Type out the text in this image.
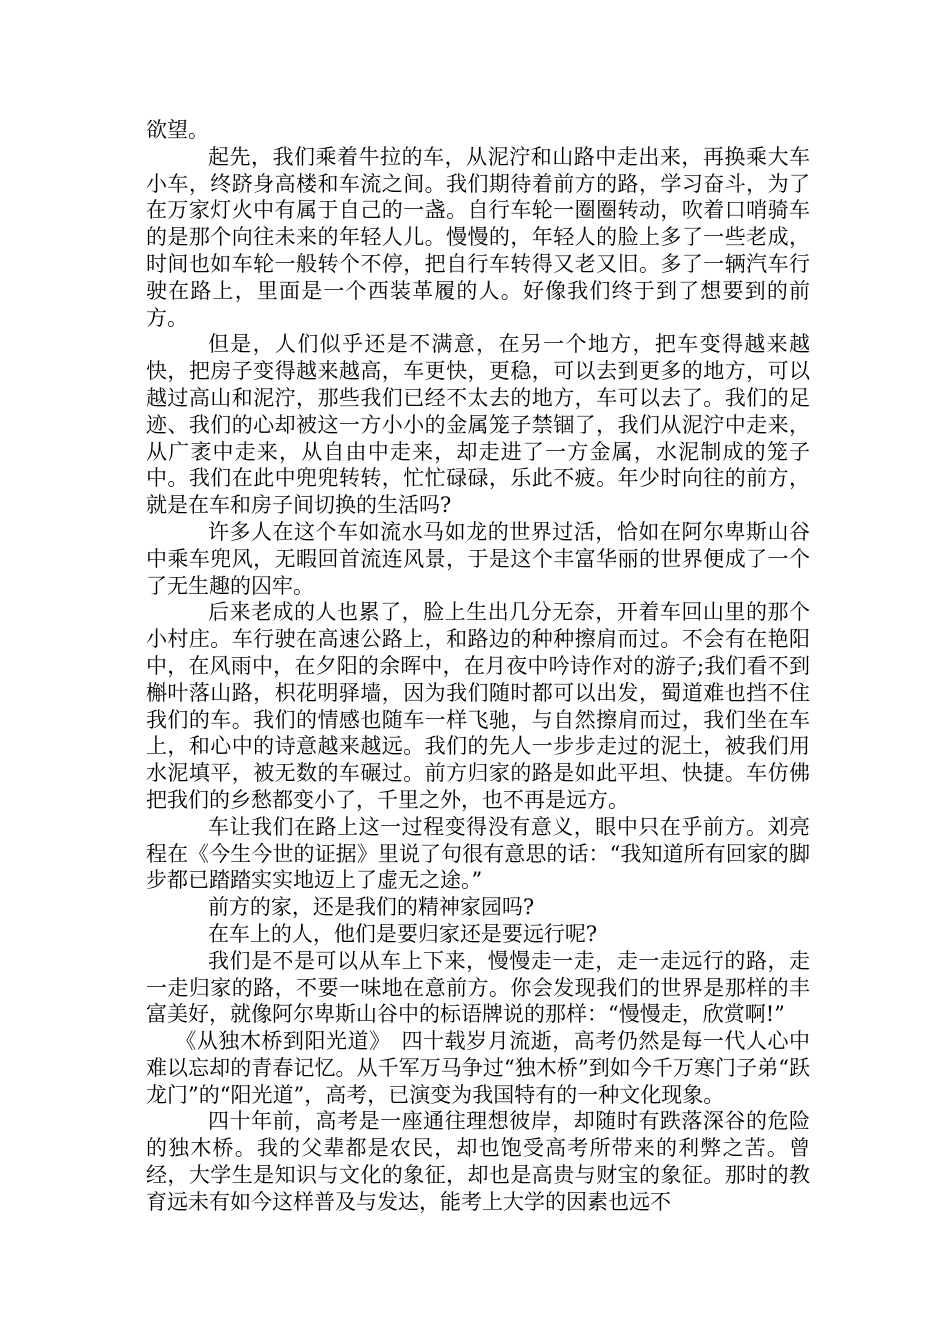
欲望。

起先，我们乘着牛拉的车，从泥泞和山路中走出来，再换乘大车小车，终跻身高楼和车流之间。我们期待着前方的路，学习奋斗，为了在万家灯火中有属于自己的一盏。自行车轮一圈圈转动，吹着口哨骑车的是那个向往未来的年轻人儿。慢慢的，年轻人的脸上多了一些老成，时间也如车轮一般转个不停，把自行车转得又老又旧。多了一辆汽车行驶在路上，里面是一个西装革履的人。好像我们终于到了想要到的前方。

但是，人们似乎还是不满意，在另一个地方，把车变得越来越快，把房子变得越来越高，车更快，更稳，可以去到更多的地方，可以越过高山和泥泞，那些我们已经不太去的地方，车可以去了。我们的足迹、我们的心却被这一方小小的金属笼子禁锢了，我们从泥泞中走来，从广袤中走来，从自由中走来，却走进了一方金属，水泥制成的笼子中。我们在此中兜兜转转，忙忙碌碌，乐此不疲。年少时向往的前方，就是在车和房子间切换的生活吗?

许多人在这个车如流水马如龙的世界过活，恰如在阿尔卑斯山谷中乘车兜风，无暇回首流连风景，于是这个丰富华丽的世界便成了一个了无生趣的囚牢。

后来老成的人也累了，脸上生出几分无奈，开着车回山里的那个小村庄。车行驶在高速公路上，和路边的种种擦肩而过。不会有在艳阳中，在风雨中，在夕阳的余晖中，在月夜中吟诗作对的游子;我们看不到槲叶落山路，枳花明驿墙，因为我们随时都可以出发，蜀道难也挡不住我们的车。我们的情感也随车一样飞驰，与自然擦肩而过，我们坐在车上，和心中的诗意越来越远。我们的先人一步步走过的泥土，被我们用水泥填平，被无数的车碾过。前方归家的路是如此平坦、快捷。车仿佛把我们的乡愁都变小了，千里之外，也不再是远方。

车让我们在路上这一过程变得没有意义，眼中只在乎前方。刘亮程在《今生今世的证据》里说了句很有意思的话：“我知道所有回家的脚步都已踏踏实实地迈上了虚无之途。”

前方的家，还是我们的精神家园吗?

在车上的人，他们是要归家还是要远行呢?

我们是不是可以从车上下来，慢慢走一走，走一走远行的路，走一走归家的路，不要一味地在意前方。你会发现我们的世界是那样的丰富美好，就像阿尔卑斯山谷中的标语牌说的那样：“慢慢走，欣赏啊!”

《从独木桥到阳光道》　四十载岁月流逝，高考仍然是每一代人心中难以忘却的青春记忆。从千军万马争过“独木桥”到如今千万寒门子弟“跃龙门”的“阳光道”，高考，已演变为我国特有的一种文化现象。

四十年前，高考是一座通往理想彼岸，却随时有跌落深谷的危险的独木桥。我的父辈都是农民，却也饱受高考所带来的利弊之苦。曾经，大学生是知识与文化的象征，却也是高贵与财宝的象征。那时的教育远未有如今这样普及与发达，能考上大学的因素也远不
